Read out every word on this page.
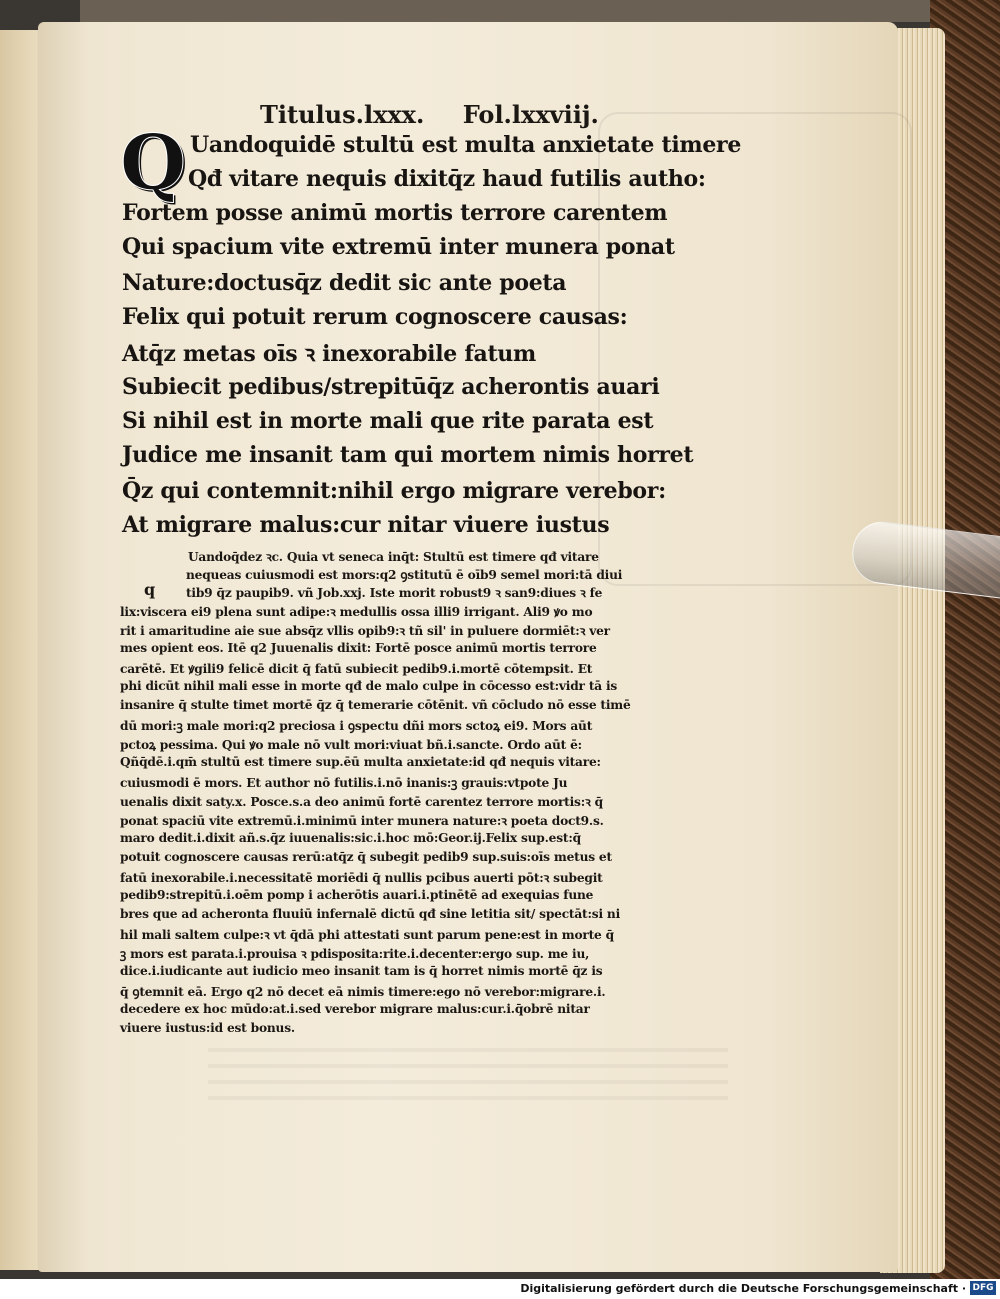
Titulus.lxxx. Fol.lxxviij.
Q Uandoquidē stultū est multa anxietate timere
Qđ vitare nequis dixitq̄z haud futilis autho:
Fortem posse animū mortis terrore carentem
Qui spacium vite extremū inter munera ponat
Nature:doctusq̄z dedit sic ante poeta
Felix qui potuit rerum cognoscere causas:
Atq̄z metas oīs ꝛ inexorabile fatum
Subiecit pedibus/strepitūq̄z acherontis auari
Si nihil est in morte mali que rite parata est
Judice me insanit tam qui mortem nimis horret
Q̄z qui contemnit:nihil ergo migrare verebor:
At migrare malus:cur nitar viuere iustus
q
Uandoq̄dez ꝛc. Quia vt seneca inq̄t: Stultū est timere qđ vitare
nequeas cuiusmodi est mors:q2 ꝯstitutū ē oīb9 semel mori:tā diui
tib9 q̄z paupib9. vñ Job.xxj. Iste morit robust9 ꝛ san9:diues ꝛ fe
lix:viscera ei9 plena sunt adipe:ꝛ medullis ossa illi9 irrigant. Ali9 ꝟo mo
rit i amaritudine aie sue absq̄z vllis opib9:ꝛ tñ sil' in puluere dormiēt:ꝛ ver
mes opient eos. Itē q2 Juuenalis dixit: Fortē posce animū mortis terrore
carētē. Et ꝟgili9 felicē dicit q̄ fatū subiecit pedib9.i.mortē cōtempsit. Et
phi dicūt nihil mali esse in morte qđ de malo culpe in cōcesso est:vidr tā is
insanire q̄ stulte timet mortē q̄z q̄ temerarie cōtēnit. vñ cōcludo nō esse timē
dū mori:ꝫ male mori:q2 preciosa i ꝯspectu dñi mors sctoꝝ ei9. Mors aūt
pctoꝝ pessima. Qui ꝟo male nō vult mori:viuat bñ.i.sancte. Ordo aūt ē:
Qñq̄dē.i.qm̄ stultū est timere sup.ēū multa anxietate:id qđ nequis vitare:
cuiusmodi ē mors. Et author nō futilis.i.nō inanis:ꝫ grauis:vtpote Ju
uenalis dixit saty.x. Posce.s.a deo animū fortē carentez terrore mortis:ꝛ q̄
ponat spaciū vite extremū.i.minimū inter munera nature:ꝛ poeta doct9.s.
maro dedit.i.dixit añ.s.q̄z iuuenalis:sic.i.hoc mō:Geor.ij.Felix sup.est:q̄
potuit cognoscere causas rerū:atq̄z q̄ subegit pedib9 sup.suis:oīs metus et
fatū inexorabile.i.necessitatē moriēdi q̄ nullis pcibus auerti pōt:ꝛ subegit
pedib9:strepitū.i.oēm pomp i acherōtis auari.i.ptinētē ad exequias fune
bres que ad acheronta fluuiū infernalē dictū qđ sine letitia sit/ spectāt:si ni
hil mali saltem culpe:ꝛ vt q̄dā phi attestati sunt parum pene:est in morte q̄
ꝫ mors est parata.i.prouisa ꝛ pdisposita:rite.i.decenter:ergo sup. me iu,
dice.i.iudicante aut iudicio meo insanit tam is q̄ horret nimis mortē q̄z is
q̄ ꝯtemnit eā. Ergo q2 nō decet eā nimis timere:ego nō verebor:migrare.i.
decedere ex hoc mūdo:at.i.sed verebor migrare malus:cur.i.q̄obrē nitar
viuere iustus:id est bonus.
Digitalisierung gefördert durch die Deutsche Forschungsgemeinschaft · DFG
